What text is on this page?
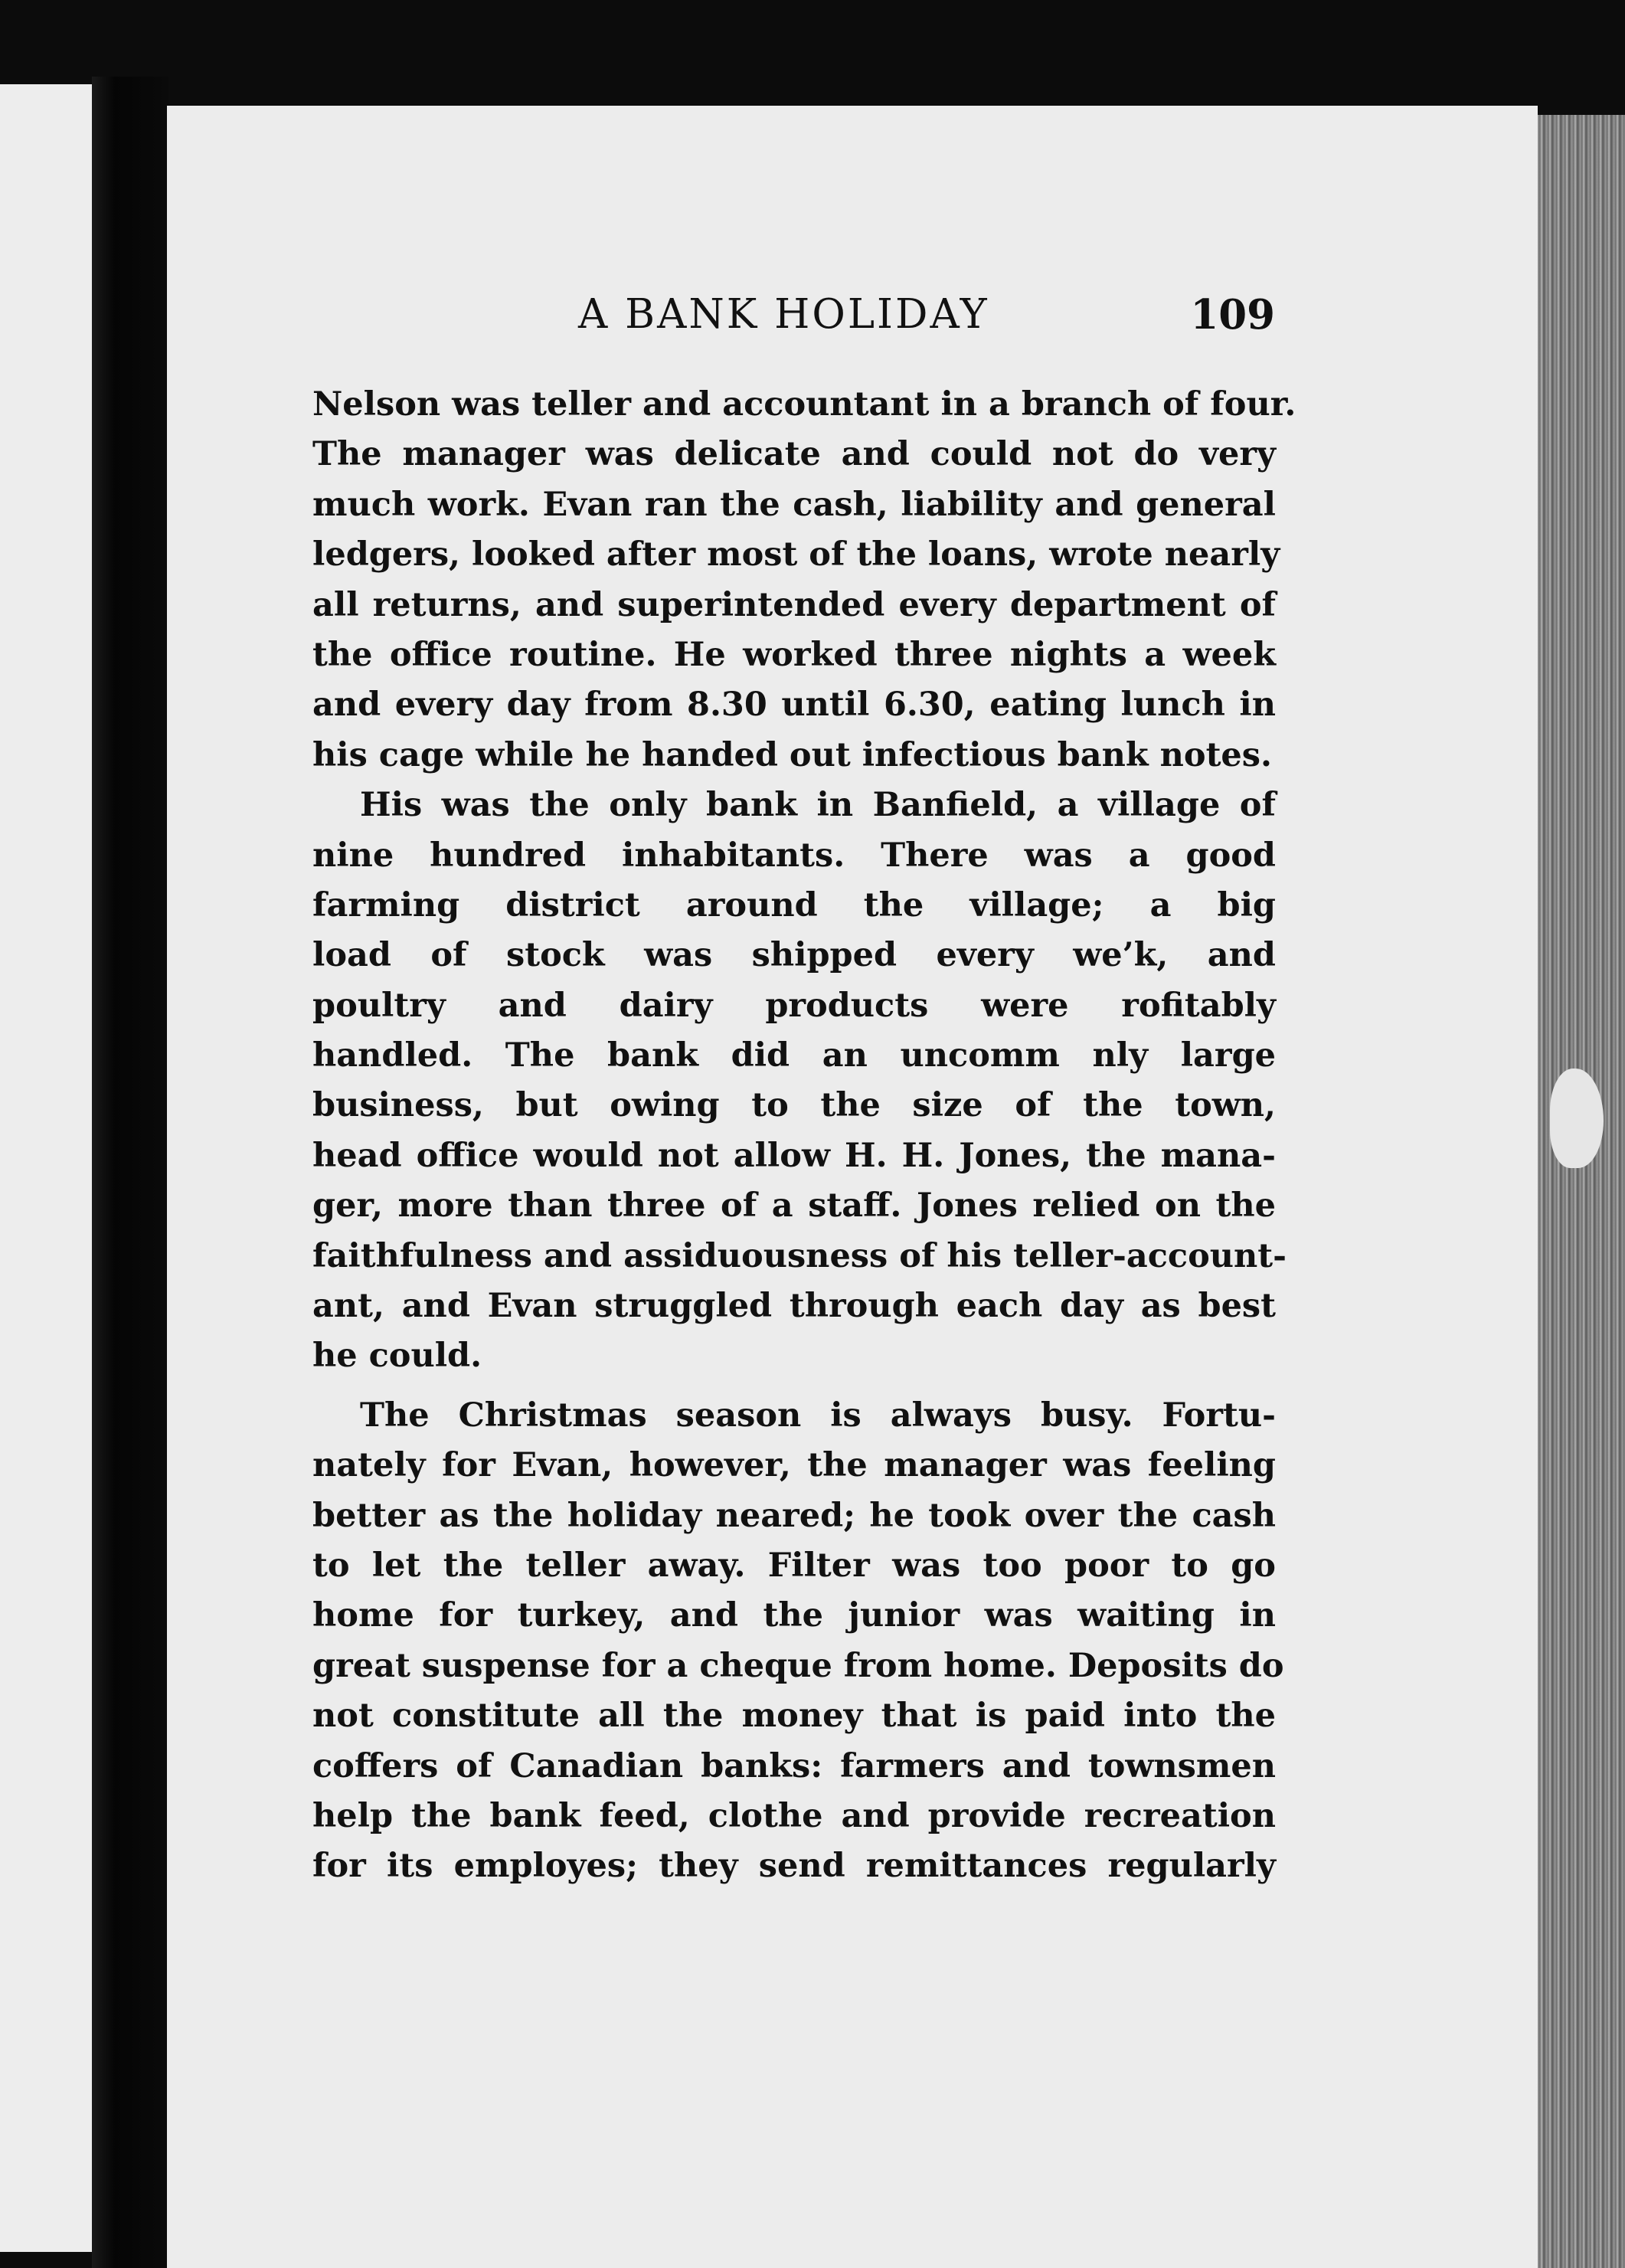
A BANK HOLIDAY	109
Nelson was teller and accountant in a branch of four.
The manager was delicate and could not do very
much work. Evan ran the cash, liability and general
ledgers, looked after most of the loans, wrote nearly
all returns, and superintended every department of
the office routine. He worked three nights a week
and every day from 8.30 until 6.30, eating lunch in
his cage while he handed out infectious bank notes.
His was the only bank in Banfield, a village of
nine hundred inhabitants. There was a good
farming district around the village; a big
load of stock was shipped every we’k, and
poultry and dairy products were rofitably
handled. The bank did an uncomm nly large
business, but owing to the size of the town,
head office would not allow H. H. Jones, the mana-
ger, more than three of a staff. Jones relied on the
faithfulness and assiduousness of his teller-account-
ant, and Evan struggled through each day as best
he could.
The Christmas season is always busy. Fortu-
nately for Evan, however, the manager was feeling
better as the holiday neared; he took over the cash
to let the teller away. Filter was too poor to go
home for turkey, and the junior was waiting in
great suspense for a cheque from home. Deposits do
not constitute all the money that is paid into the
coffers of Canadian banks: farmers and townsmen
help the bank feed, clothe and provide recreation
for its employes; they send remittances regularly
